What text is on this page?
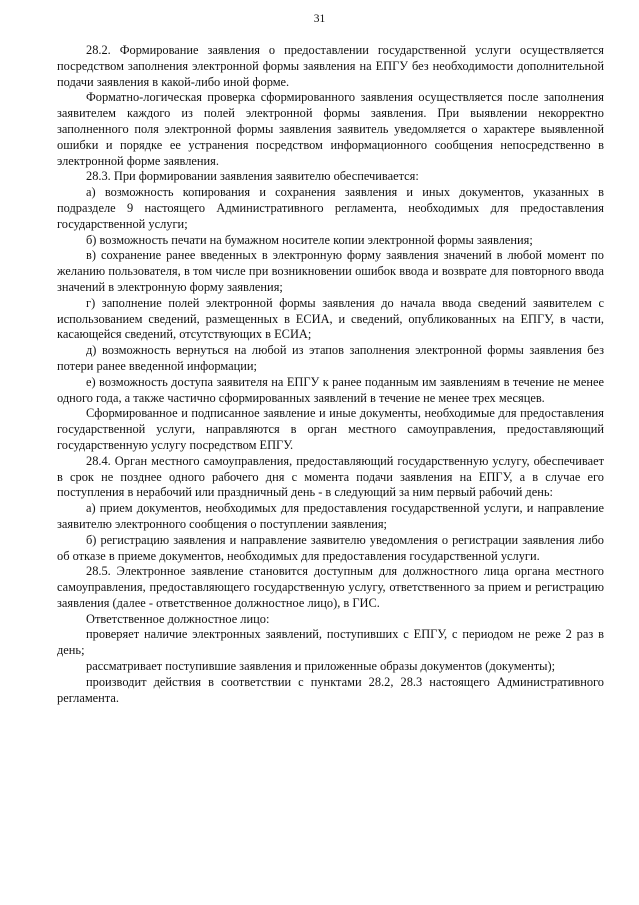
31

28.2. Формирование заявления о предоставлении государственной услуги осуществляется посредством заполнения электронной формы заявления на ЕПГУ без необходимости дополнительной подачи заявления в какой-либо иной форме.

Форматно-логическая проверка сформированного заявления осуществляется после заполнения заявителем каждого из полей электронной формы заявления. При выявлении некорректно заполненного поля электронной формы заявления заявитель уведомляется о характере выявленной ошибки и порядке ее устранения посредством информационного сообщения непосредственно в электронной форме заявления.

28.3. При формировании заявления заявителю обеспечивается:

а) возможность копирования и сохранения заявления и иных документов, указанных в подразделе 9 настоящего Административного регламента, необходимых для предоставления государственной услуги;

б) возможность печати на бумажном носителе копии электронной формы заявления;

в) сохранение ранее введенных в электронную форму заявления значений в любой момент по желанию пользователя, в том числе при возникновении ошибок ввода и возврате для повторного ввода значений в электронную форму заявления;

г) заполнение полей электронной формы заявления до начала ввода сведений заявителем с использованием сведений, размещенных в ЕСИА, и сведений, опубликованных на ЕПГУ, в части, касающейся сведений, отсутствующих в ЕСИА;

д) возможность вернуться на любой из этапов заполнения электронной формы заявления без потери ранее введенной информации;

е) возможность доступа заявителя на ЕПГУ к ранее поданным им заявлениям в течение не менее одного года, а также частично сформированных заявлений в течение не менее трех месяцев.

Сформированное и подписанное заявление и иные документы, необходимые для предоставления государственной услуги, направляются в орган местного самоуправления, предоставляющий государственную услугу посредством ЕПГУ.

28.4. Орган местного самоуправления, предоставляющий государственную услугу, обеспечивает в срок не позднее одного рабочего дня с момента подачи заявления на ЕПГУ, а в случае его поступления в нерабочий или праздничный день - в следующий за ним первый рабочий день:

а) прием документов, необходимых для предоставления государственной услуги, и направление заявителю электронного сообщения о поступлении заявления;

б) регистрацию заявления и направление заявителю уведомления о регистрации заявления либо об отказе в приеме документов, необходимых для предоставления государственной услуги.

28.5. Электронное заявление становится доступным для должностного лица органа местного самоуправления, предоставляющего государственную услугу, ответственного за прием и регистрацию заявления (далее - ответственное должностное лицо), в ГИС.

Ответственное должностное лицо:

проверяет наличие электронных заявлений, поступивших с ЕПГУ, с периодом не реже 2 раз в день;

рассматривает поступившие заявления и приложенные образы документов (документы);

производит действия в соответствии с пунктами 28.2, 28.3 настоящего Административного регламента.
